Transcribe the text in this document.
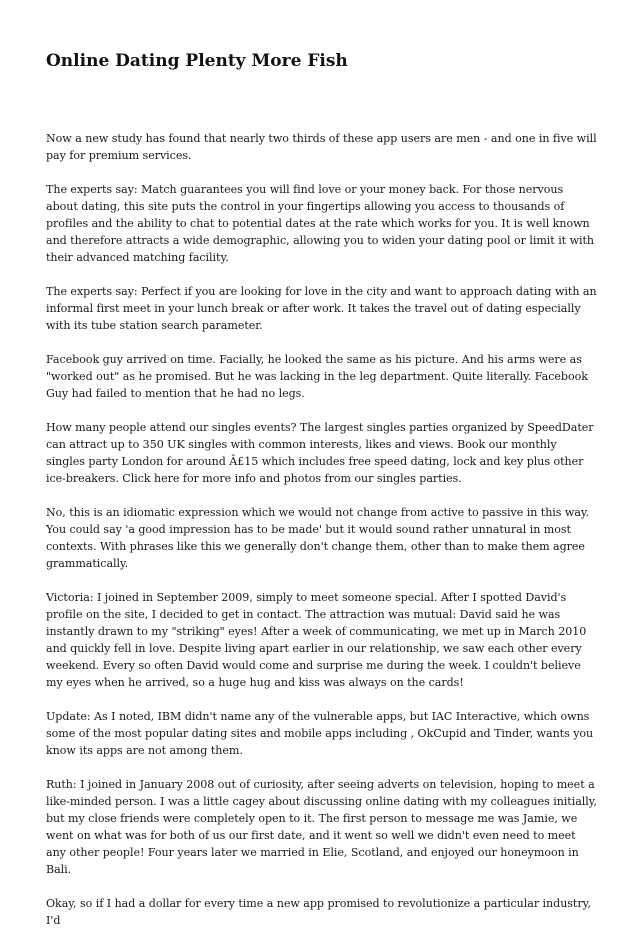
Online Dating Plenty More Fish

Now a new study has found that nearly two thirds of these app users are men - and one in five will pay for premium services.

The experts say: Match guarantees you will find love or your money back. For those nervous about dating, this site puts the control in your fingertips allowing you access to thousands of profiles and the ability to chat to potential dates at the rate which works for you. It is well known and therefore attracts a wide demographic, allowing you to widen your dating pool or limit it with their advanced matching facility.

The experts say: Perfect if you are looking for love in the city and want to approach dating with an informal first meet in your lunch break or after work. It takes the travel out of dating especially with its tube station search parameter.

Facebook guy arrived on time. Facially, he looked the same as his picture. And his arms were as "worked out" as he promised. But he was lacking in the leg department. Quite literally. Facebook Guy had failed to mention that he had no legs.

How many people attend our singles events? The largest singles parties organized by SpeedDater can attract up to 350 UK singles with common interests, likes and views. Book our monthly singles party London for around Â£15 which includes free speed dating, lock and key plus other ice-breakers. Click here for more info and photos from our singles parties.

No, this is an idiomatic expression which we would not change from active to passive in this way. You could say 'a good impression has to be made' but it would sound rather unnatural in most contexts. With phrases like this we generally don't change them, other than to make them agree grammatically.

Victoria: I joined in September 2009, simply to meet someone special. After I spotted David's profile on the site, I decided to get in contact. The attraction was mutual: David said he was instantly drawn to my "striking" eyes! After a week of communicating, we met up in March 2010 and quickly fell in love. Despite living apart earlier in our relationship, we saw each other every weekend. Every so often David would come and surprise me during the week. I couldn't believe my eyes when he arrived, so a huge hug and kiss was always on the cards!

Update: As I noted, IBM didn't name any of the vulnerable apps, but IAC Interactive, which owns some of the most popular dating sites and mobile apps including , OkCupid and Tinder, wants you know its apps are not among them.

Ruth: I joined in January 2008 out of curiosity, after seeing adverts on television, hoping to meet a like-minded person. I was a little cagey about discussing online dating with my colleagues initially, but my close friends were completely open to it. The first person to message me was Jamie, we went on what was for both of us our first date, and it went so well we didn't even need to meet any other people! Four years later we married in Elie, Scotland, and enjoyed our honeymoon in Bali.

Okay, so if I had a dollar for every time a new app promised to revolutionize a particular industry, I'd
